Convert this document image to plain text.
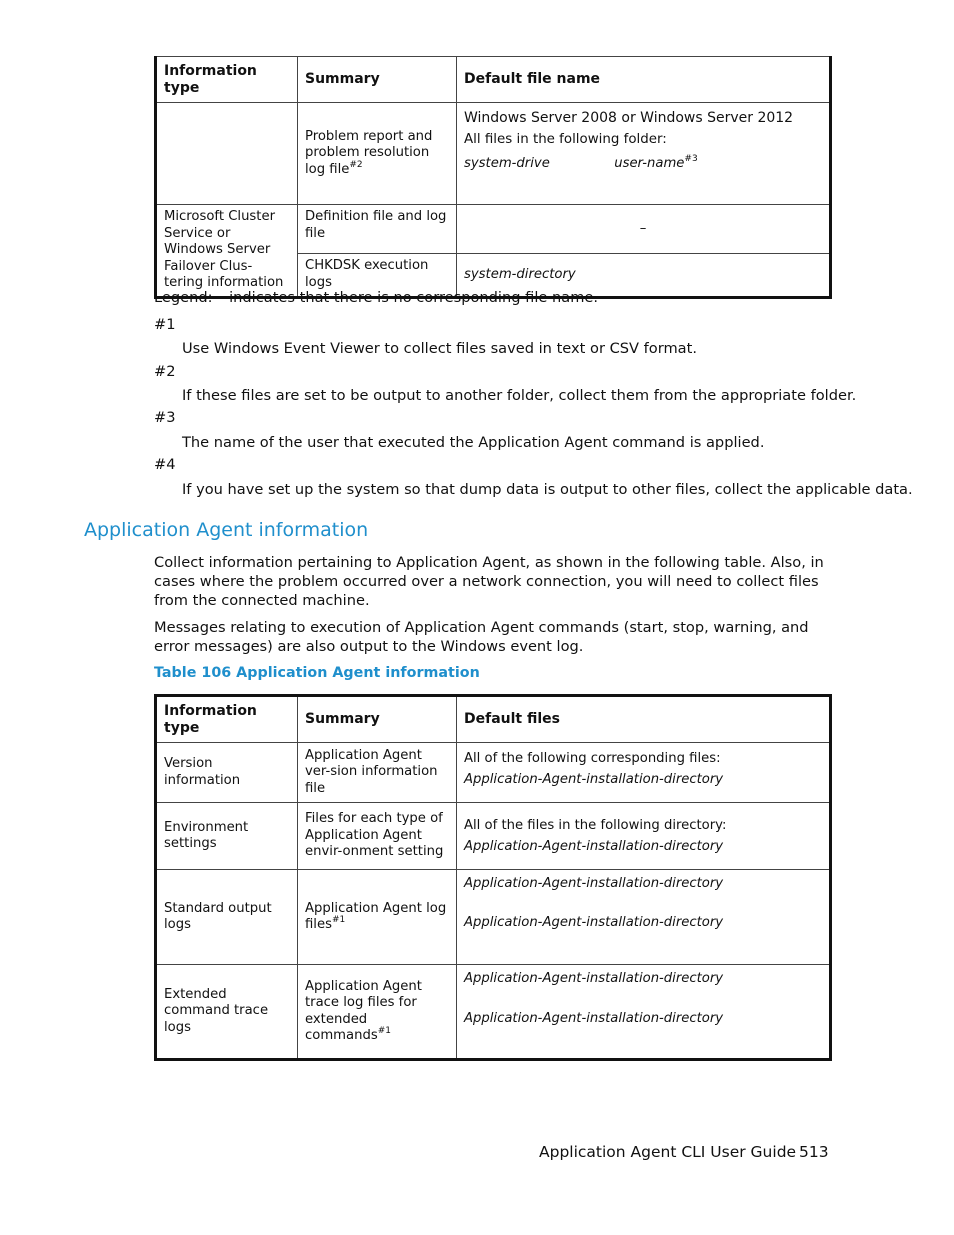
Information type	Summary	Default file name
	Problem report and problem resolution log file$^{\#2}$	Windows Server 2008 or Windows Server 2012
All files in the following folder:
system-drive user-name$^{\#3}$

Microsoft Cluster Service or Windows Server Failover Clus-tering information	Definition file and log file	–
	CHKDSK execution logs	system-directory
Legend: – indicates that there is no corresponding file name.
#1
Use Windows Event Viewer to collect files saved in text or CSV format.
#2
If these files are set to be output to another folder, collect them from the appropriate folder.
#3
The name of the user that executed the Application Agent command is applied.
#4
If you have set up the system so that dump data is output to other files, collect the applicable data.
Application Agent information
Collect information pertaining to Application Agent, as shown in the following table. Also, in cases where the problem occurred over a network connection, you will need to collect files from the connected machine.
Messages relating to execution of Application Agent commands (start, stop, warning, and error messages) are also output to the Windows event log.
Table 106 Application Agent information
Information type	Summary	Default files
Version information	Application Agent ver-sion information file	All of the following corresponding files:
Application-Agent-installation-directory

Environment settings	Files for each type of Application Agent envir-onment setting	All of the files in the following directory:
Application-Agent-installation-directory

Standard output logs	Application Agent log files$^{\#1}$	Application-Agent-installation-directory
Application-Agent-installation-directory

Extended command trace logs	Application Agent trace log files for extended commands$^{\#1}$	Application-Agent-installation-directory
Application-Agent-installation-directory
Application Agent CLI User Guide 513
